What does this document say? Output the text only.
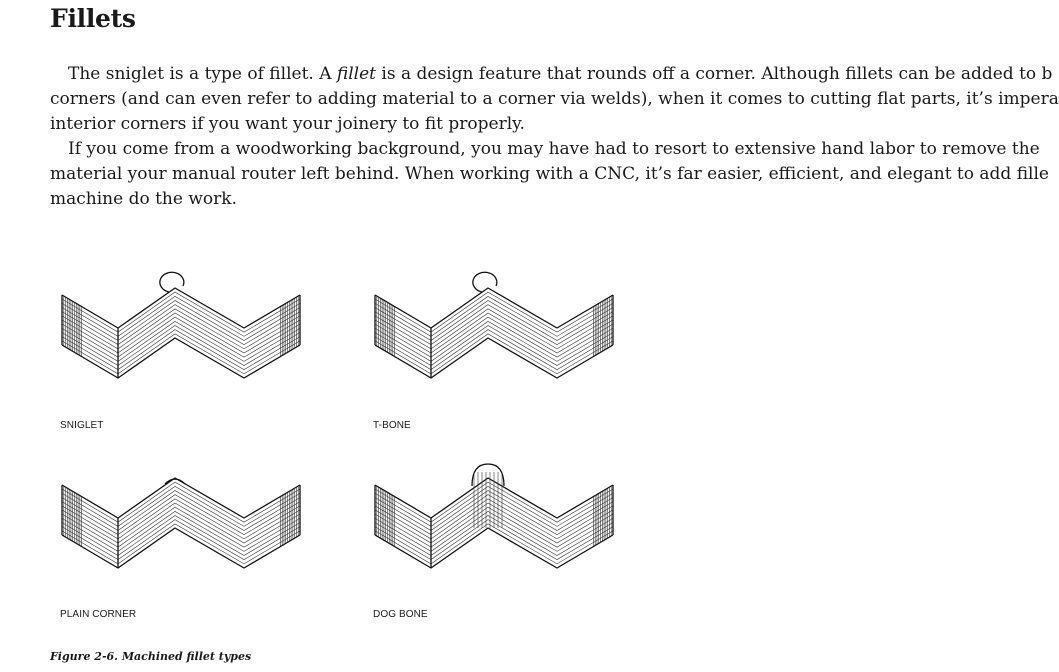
Fillets

The sniglet is a type of fillet. A fillet is a design feature that rounds off a corner. Although fillets can be added to b

corners (and can even refer to adding material to a corner via welds), when it comes to cutting flat parts, it’s impera
interior corners if you want your joinery to fit properly.

If you come from a woodworking background, you may have had to resort to extensive hand labor to remove the

material your manual router left behind. When working with a CNC, it’s far easier, efficient, and elegant to add fille
machine do the work.
SNIGLET	T-BONE
PLAIN CORNER	DOG BONE
Figure 2-6. Machined fillet types
